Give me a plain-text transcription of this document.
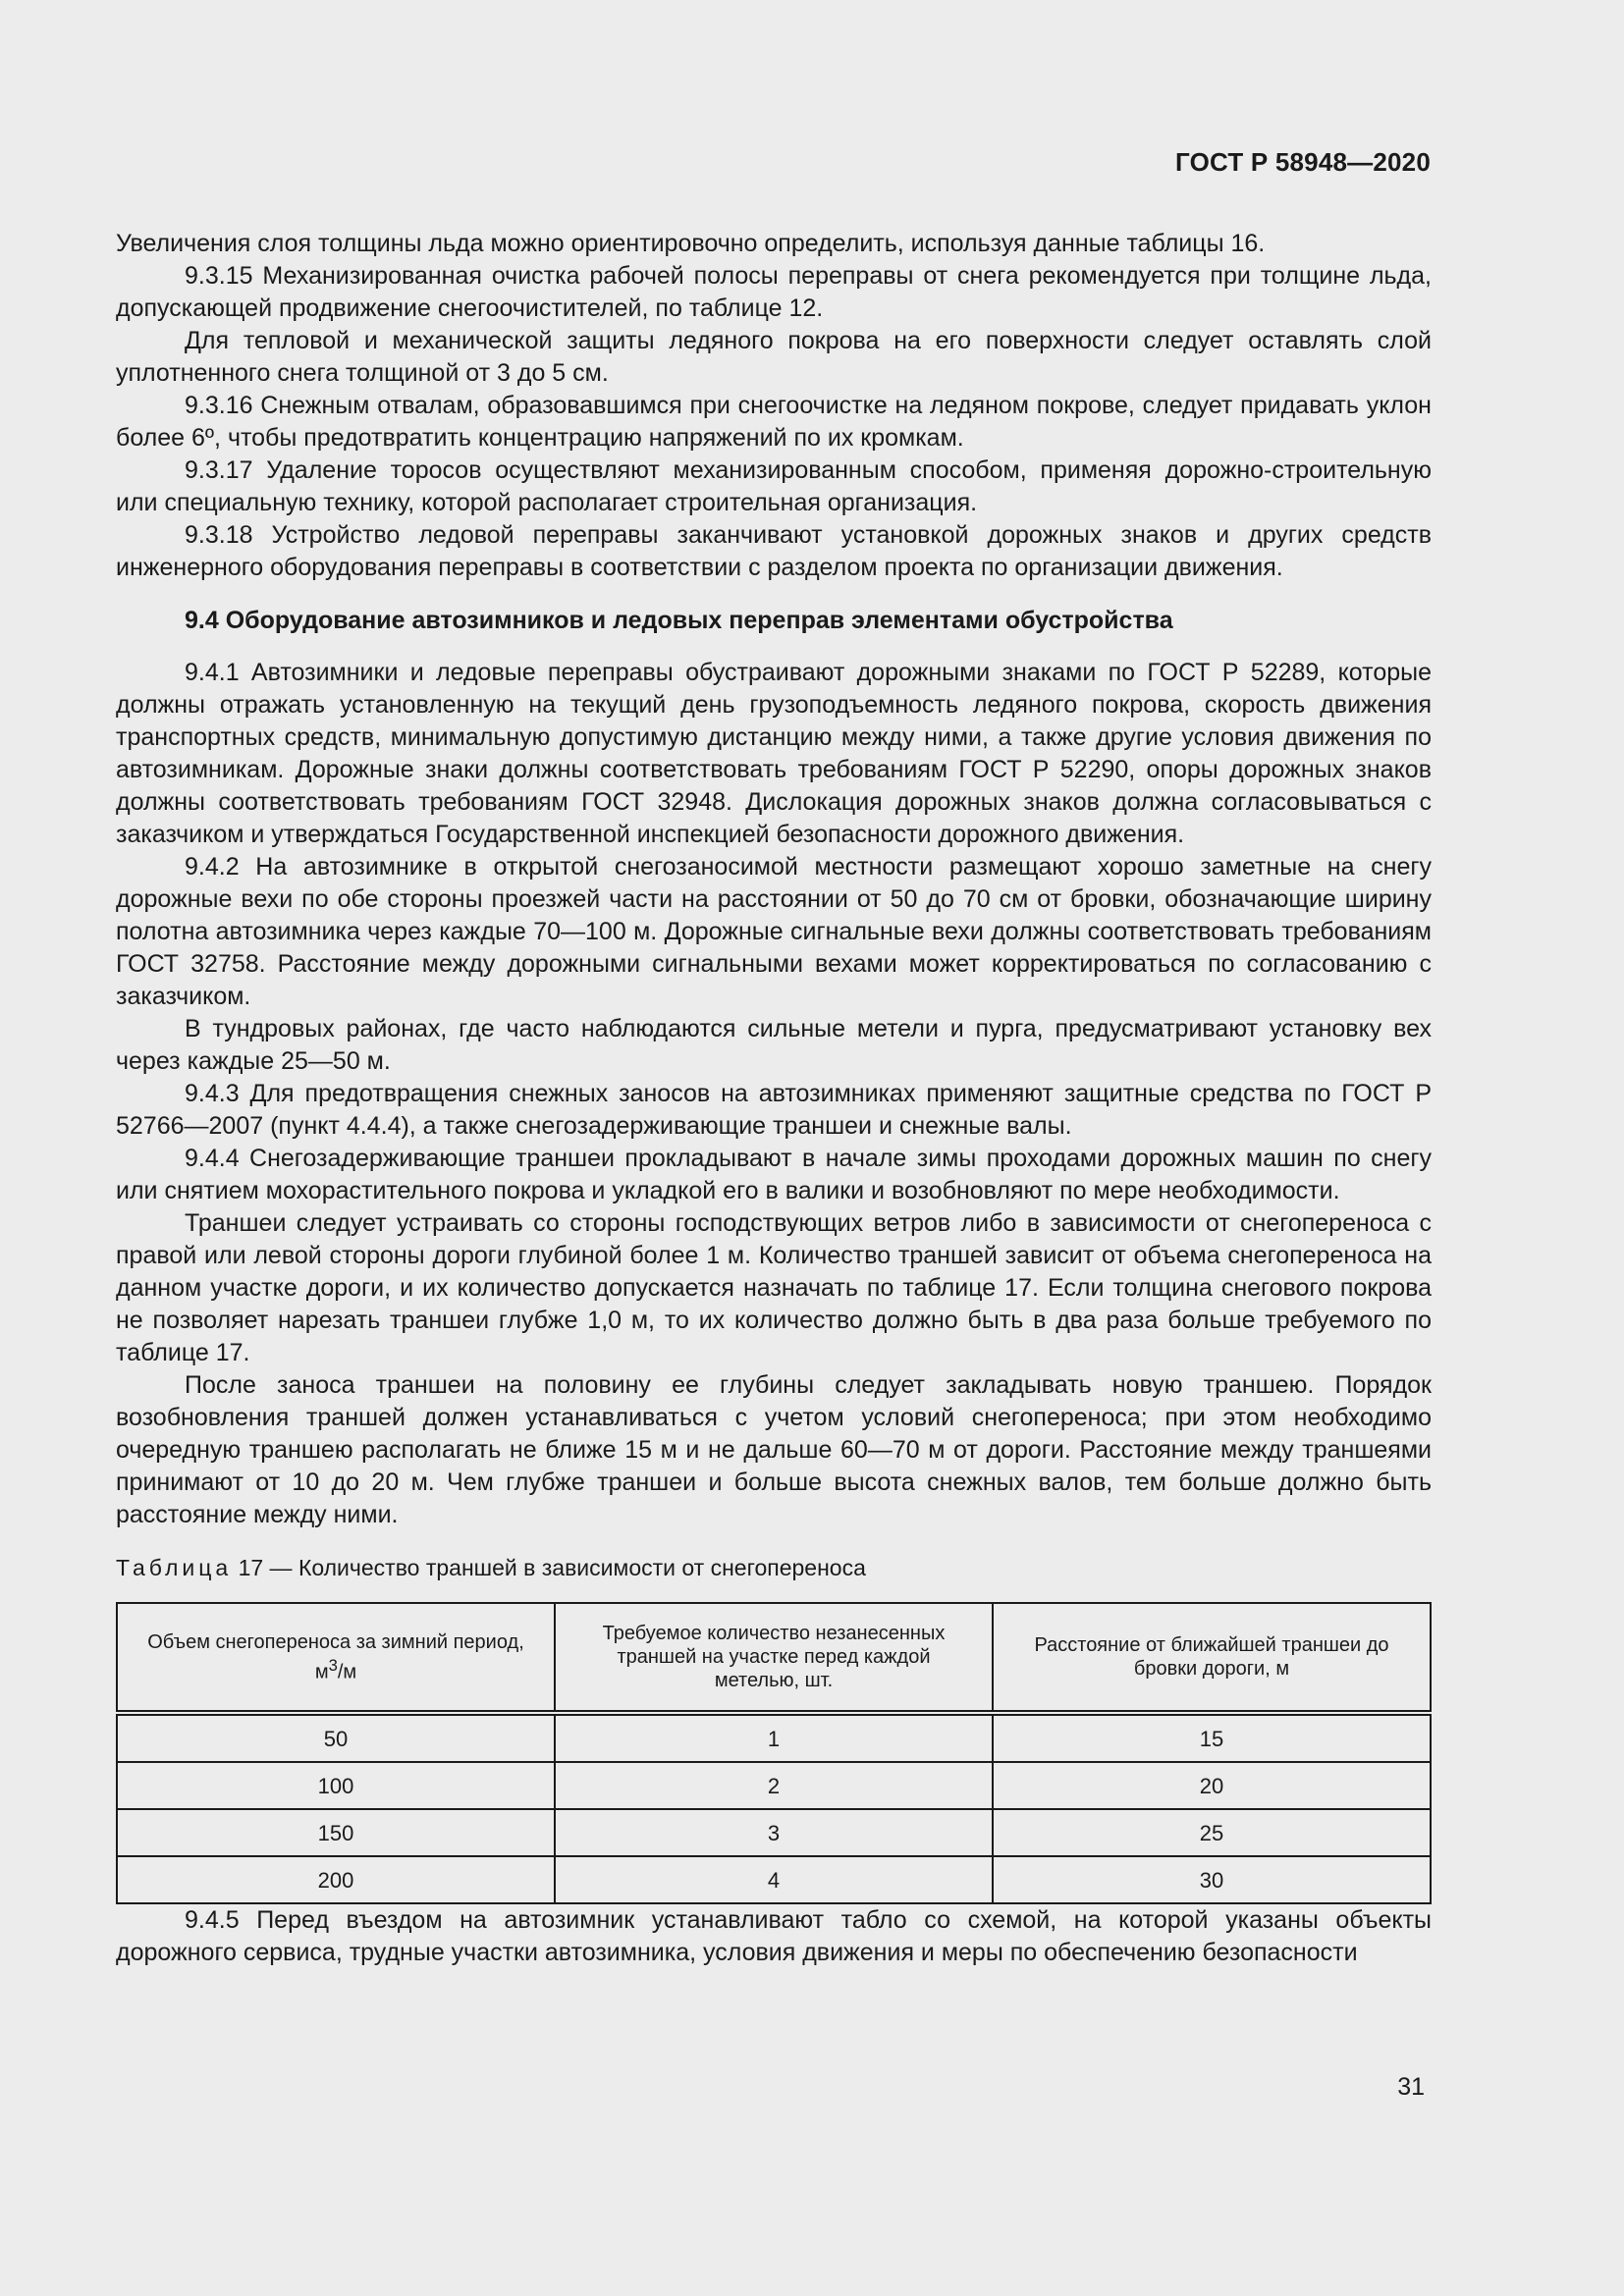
ГОСТ Р 58948—2020

Увеличения слоя толщины льда можно ориентировочно определить, используя данные таблицы 16.

9.3.15 Механизированная очистка рабочей полосы переправы от снега рекомендуется при толщине льда, допускающей продвижение снегоочистителей, по таблице 12.

Для тепловой и механической защиты ледяного покрова на его поверхности следует оставлять слой уплотненного снега толщиной от 3 до 5 см.

9.3.16 Снежным отвалам, образовавшимся при снегоочистке на ледяном покрове, следует придавать уклон более 6º, чтобы предотвратить концентрацию напряжений по их кромкам.

9.3.17 Удаление торосов осуществляют механизированным способом, применяя дорожно-строительную или специальную технику, которой располагает строительная организация.

9.3.18 Устройство ледовой переправы заканчивают установкой дорожных знаков и других средств инженерного оборудования переправы в соответствии с разделом проекта по организации движения.

9.4 Оборудование автозимников и ледовых переправ элементами обустройства

9.4.1 Автозимники и ледовые переправы обустраивают дорожными знаками по ГОСТ Р 52289, которые должны отражать установленную на текущий день грузоподъемность ледяного покрова, скорость движения транспортных средств, минимальную допустимую дистанцию между ними, а также другие условия движения по автозимникам. Дорожные знаки должны соответствовать требованиям ГОСТ Р 52290, опоры дорожных знаков должны соответствовать требованиям ГОСТ 32948. Дислокация дорожных знаков должна согласовываться с заказчиком и утверждаться Государственной инспекцией безопасности дорожного движения.

9.4.2 На автозимнике в открытой снегозаносимой местности размещают хорошо заметные на снегу дорожные вехи по обе стороны проезжей части на расстоянии от 50 до 70 см от бровки, обозначающие ширину полотна автозимника через каждые 70—100 м. Дорожные сигнальные вехи должны соответствовать требованиям ГОСТ 32758. Расстояние между дорожными сигнальными вехами может корректироваться по согласованию с заказчиком.

В тундровых районах, где часто наблюдаются сильные метели и пурга, предусматривают установку вех через каждые 25—50 м.

9.4.3 Для предотвращения снежных заносов на автозимниках применяют защитные средства по ГОСТ Р 52766—2007 (пункт 4.4.4), а также снегозадерживающие траншеи и снежные валы.

9.4.4 Снегозадерживающие траншеи прокладывают в начале зимы проходами дорожных машин по снегу или снятием мохорастительного покрова и укладкой его в валики и возобновляют по мере необходимости.

Траншеи следует устраивать со стороны господствующих ветров либо в зависимости от снегопереноса с правой или левой стороны дороги глубиной более 1 м. Количество траншей зависит от объема снегопереноса на данном участке дороги, и их количество допускается назначать по таблице 17. Если толщина снегового покрова не позволяет нарезать траншеи глубже 1,0 м, то их количество должно быть в два раза больше требуемого по таблице 17.

После заноса траншеи на половину ее глубины следует закладывать новую траншею. Порядок возобновления траншей должен устанавливаться с учетом условий снегопереноса; при этом необходимо очередную траншею располагать не ближе 15 м и не дальше 60—70 м от дороги. Расстояние между траншеями принимают от 10 до 20 м. Чем глубже траншеи и больше высота снежных валов, тем больше должно быть расстояние между ними.

Таблица 17 — Количество траншей в зависимости от снегопереноса
Объем снегопереноса за зимний период, $м^3/м$	Требуемое количество незанесенных траншей на участке перед каждой метелью, шт.	Расстояние от ближайшей траншеи до бровки дороги, м
50	1	15
100	2	20
150	3	25
200	4	30

9.4.5 Перед въездом на автозимник устанавливают табло со схемой, на которой указаны объекты дорожного сервиса, трудные участки автозимника, условия движения и меры по обеспечению безопасности

31
